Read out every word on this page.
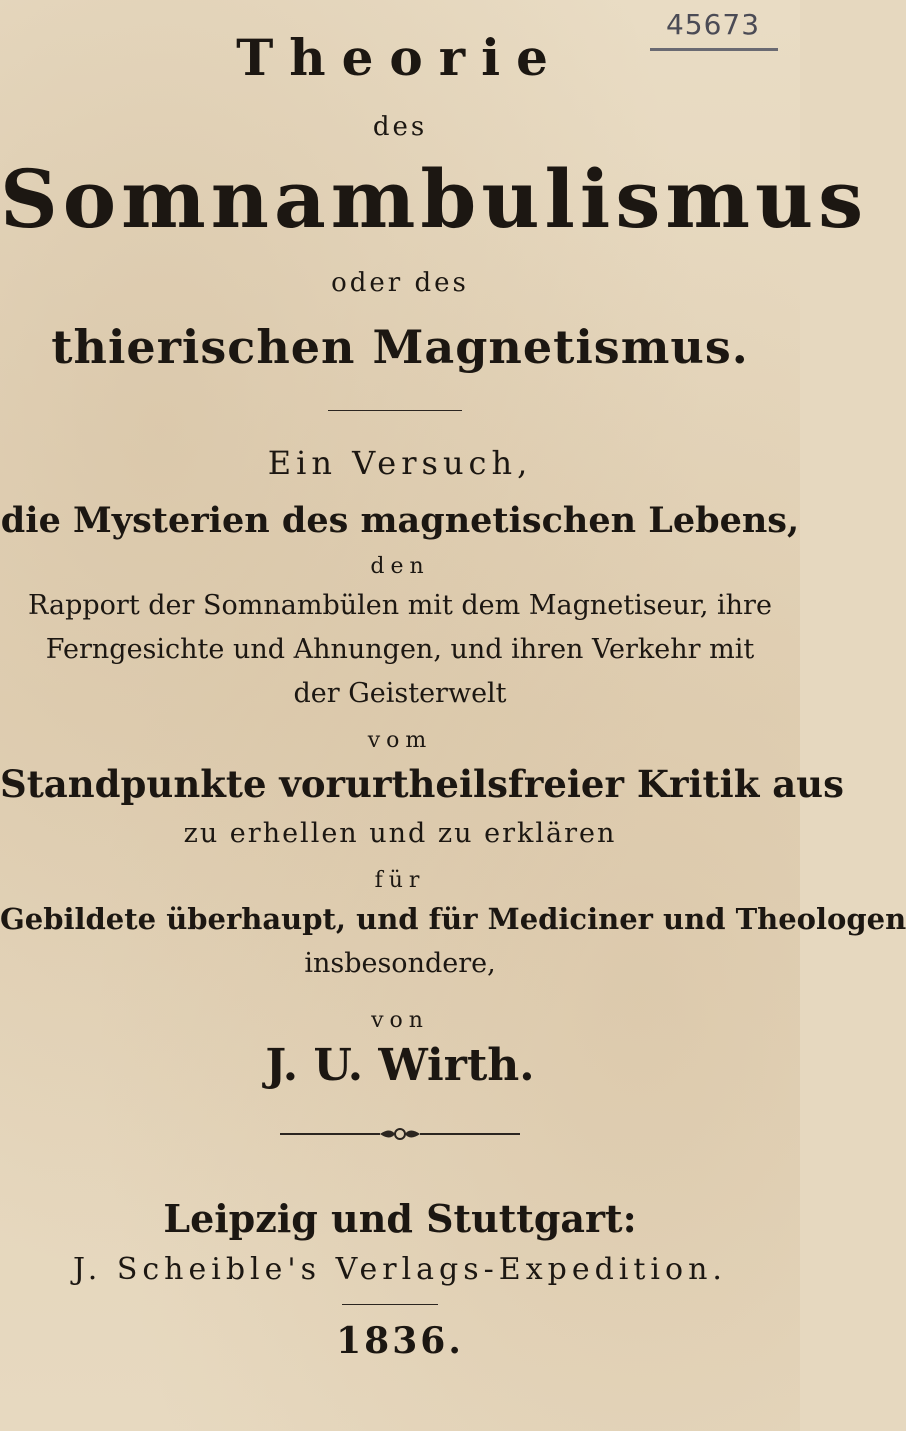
45673
Theorie
des
Somnambulismus
oder des
thierischen Magnetismus.
Ein Versuch,
die Mysterien des magnetischen Lebens,
den
Rapport der Somnambülen mit dem Magnetiseur, ihre
Ferngesichte und Ahnungen, und ihren Verkehr mit
der Geisterwelt
vom
Standpunkte vorurtheilsfreier Kritik aus
zu erhellen und zu erklären
für
Gebildete überhaupt, und für Mediciner und Theologen
insbesondere,
von
J. U. Wirth.
Leipzig und Stuttgart:
J. Scheible's Verlags-Expedition.
1836.
